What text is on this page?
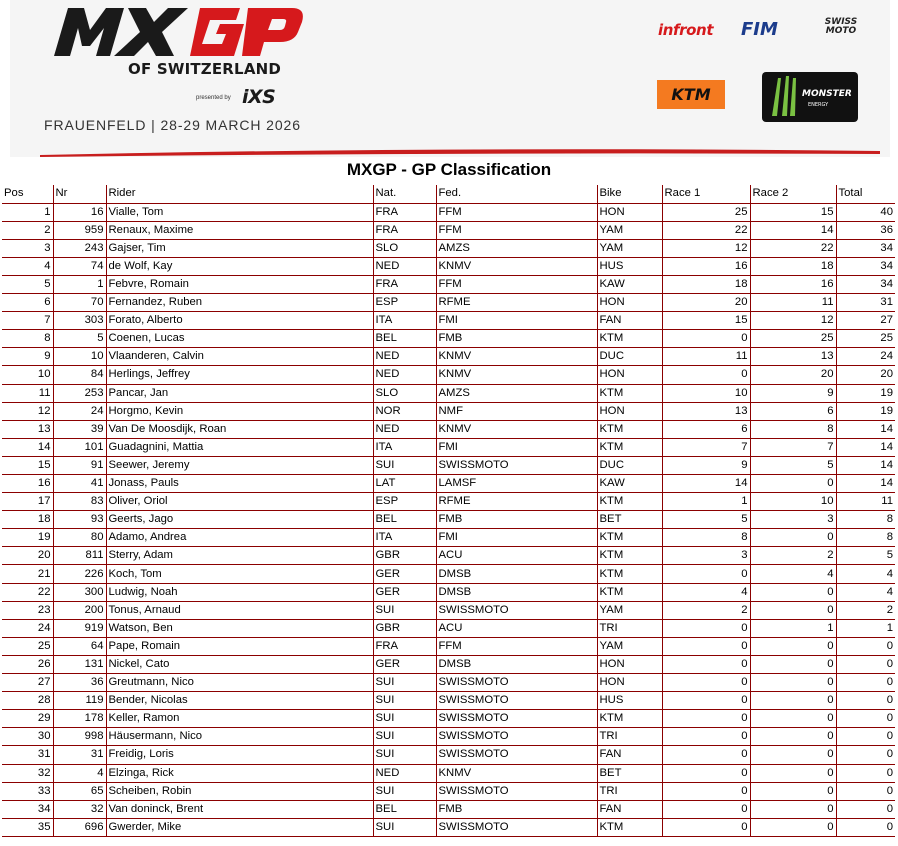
OF SWITZERLAND
presented by iXS
FRAUENFELD | 28-29 MARCH 2026
infront FIM	SWISS MOTO
KTM	MONSTER
ENERGY
MXGP - GP Classification
Pos	Nr	Rider	Nat.	Fed.	Bike	Race 1	Race 2	Total
1	16	Vialle, Tom	FRA	FFM	HON	25	15	40
2	959	Renaux, Maxime	FRA	FFM	YAM	22	14	36
3	243	Gajser, Tim	SLO	AMZS	YAM	12	22	34
4	74	de Wolf, Kay	NED	KNMV	HUS	16	18	34
5	1	Febvre, Romain	FRA	FFM	KAW	18	16	34
6	70	Fernandez, Ruben	ESP	RFME	HON	20	11	31
7	303	Forato, Alberto	ITA	FMI	FAN	15	12	27
8	5	Coenen, Lucas	BEL	FMB	KTM	0	25	25
9	10	Vlaanderen, Calvin	NED	KNMV	DUC	11	13	24
10	84	Herlings, Jeffrey	NED	KNMV	HON	0	20	20
11	253	Pancar, Jan	SLO	AMZS	KTM	10	9	19
12	24	Horgmo, Kevin	NOR	NMF	HON	13	6	19
13	39	Van De Moosdijk, Roan	NED	KNMV	KTM	6	8	14
14	101	Guadagnini, Mattia	ITA	FMI	KTM	7	7	14
15	91	Seewer, Jeremy	SUI	SWISSMOTO	DUC	9	5	14
16	41	Jonass, Pauls	LAT	LAMSF	KAW	14	0	14
17	83	Oliver, Oriol	ESP	RFME	KTM	1	10	11
18	93	Geerts, Jago	BEL	FMB	BET	5	3	8
19	80	Adamo, Andrea	ITA	FMI	KTM	8	0	8
20	811	Sterry, Adam	GBR	ACU	KTM	3	2	5
21	226	Koch, Tom	GER	DMSB	KTM	0	4	4
22	300	Ludwig, Noah	GER	DMSB	KTM	4	0	4
23	200	Tonus, Arnaud	SUI	SWISSMOTO	YAM	2	0	2
24	919	Watson, Ben	GBR	ACU	TRI	0	1	1
25	64	Pape, Romain	FRA	FFM	YAM	0	0	0
26	131	Nickel, Cato	GER	DMSB	HON	0	0	0
27	36	Greutmann, Nico	SUI	SWISSMOTO	HON	0	0	0
28	119	Bender, Nicolas	SUI	SWISSMOTO	HUS	0	0	0
29	178	Keller, Ramon	SUI	SWISSMOTO	KTM	0	0	0
30	998	Häusermann, Nico	SUI	SWISSMOTO	TRI	0	0	0
31	31	Freidig, Loris	SUI	SWISSMOTO	FAN	0	0	0
32	4	Elzinga, Rick	NED	KNMV	BET	0	0	0
33	65	Scheiben, Robin	SUI	SWISSMOTO	TRI	0	0	0
34	32	Van doninck, Brent	BEL	FMB	FAN	0	0	0
35	696	Gwerder, Mike	SUI	SWISSMOTO	KTM	0	0	0
